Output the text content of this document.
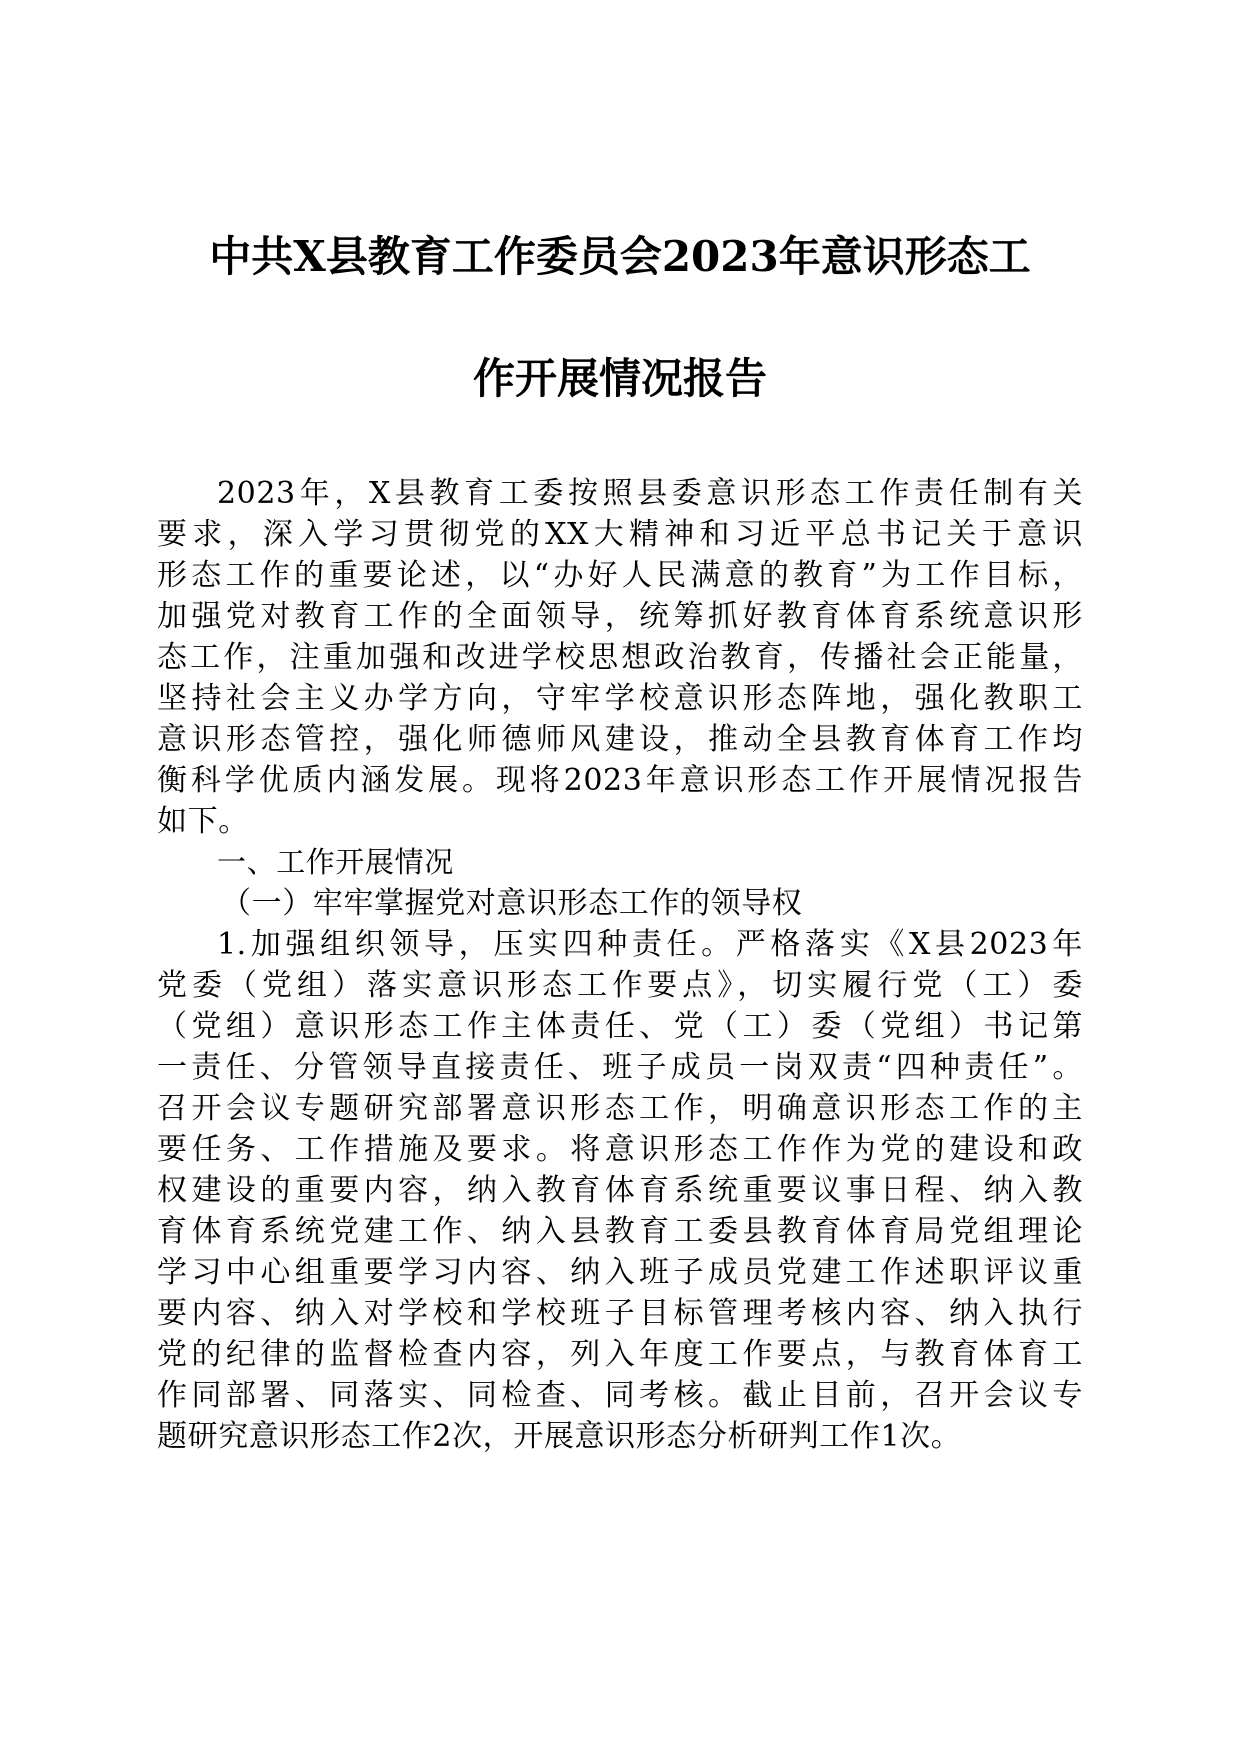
中共X县教育工作委员会2023年意识形态工
作开展情况报告
2023年，X县教育工委按照县委意识形态工作责任制有关
要求，深入学习贯彻党的XX大精神和习近平总书记关于意识
形态工作的重要论述，以“办好人民满意的教育”为工作目标，
加强党对教育工作的全面领导，统筹抓好教育体育系统意识形
态工作，注重加强和改进学校思想政治教育，传播社会正能量，
坚持社会主义办学方向，守牢学校意识形态阵地，强化教职工
意识形态管控，强化师德师风建设，推动全县教育体育工作均
衡科学优质内涵发展。现将2023年意识形态工作开展情况报告
如下。
一、工作开展情况
（一）牢牢掌握党对意识形态工作的领导权
1.加强组织领导，压实四种责任。严格落实《X县2023年
党委（党组）落实意识形态工作要点》，切实履行党（工）委
（党组）意识形态工作主体责任、党（工）委（党组）书记第
一责任、分管领导直接责任、班子成员一岗双责“四种责任”。
召开会议专题研究部署意识形态工作，明确意识形态工作的主
要任务、工作措施及要求。将意识形态工作作为党的建设和政
权建设的重要内容，纳入教育体育系统重要议事日程、纳入教
育体育系统党建工作、纳入县教育工委县教育体育局党组理论
学习中心组重要学习内容、纳入班子成员党建工作述职评议重
要内容、纳入对学校和学校班子目标管理考核内容、纳入执行
党的纪律的监督检查内容，列入年度工作要点，与教育体育工
作同部署、同落实、同检查、同考核。截止目前，召开会议专
题研究意识形态工作2次，开展意识形态分析研判工作1次。
